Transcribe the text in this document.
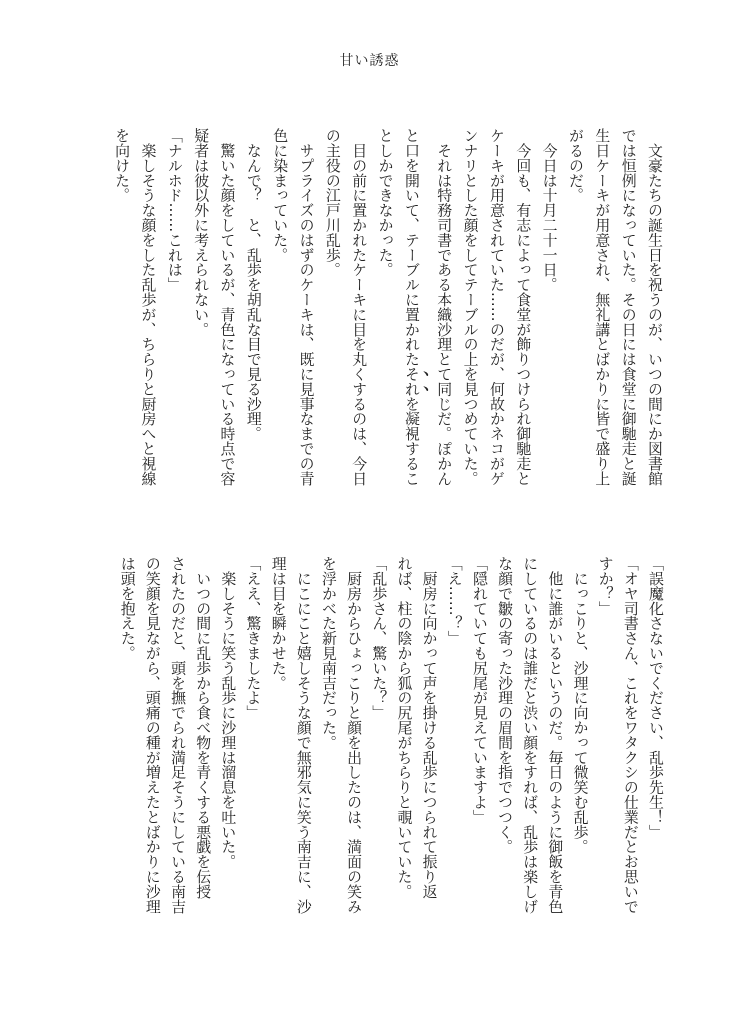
甘い誘惑

　文豪たちの誕生日を祝うのが、いつの間にか図書館

では恒例になっていた。その日には食堂に御馳走と誕

生日ケーキが用意され、無礼講とばかりに皆で盛り上

がるのだ。

　今日は十月二十一日。

　今回も、有志によって食堂が飾りつけられ御馳走と

ケーキが用意されていた……のだが、何故かネコがゲ

ンナリとした顔をしてテーブルの上を見つめていた。

　それは特務司書である本織沙理とて同じだ。ぽかん

と口を開いて、テーブルに置かれたそれを凝視するこ

としかできなかった。

　目の前に置かれたケーキに目を丸くするのは、今日

の主役の江戸川乱歩。

　サプライズのはずのケーキは、既に見事なまでの青

色に染まっていた。

　なんで？　と、乱歩を胡乱な目で見る沙理。

　驚いた顔をしているが、青色になっている時点で容

疑者は彼以外に考えられない。

「ナルホド……これは」

　楽しそうな顔をした乱歩が、ちらりと厨房へと視線

を向けた。

「誤魔化さないでください、乱歩先生！」

「オヤ司書さん、これをワタクシの仕業だとお思いで

すか？」

　にっこりと、沙理に向かって微笑む乱歩。

　他に誰がいるというのだ。毎日のように御飯を青色

にしているのは誰だと渋い顔をすれば、乱歩は楽しげ

な顔で皺の寄った沙理の眉間を指でつつく。

「隠れていても尻尾が見えていますよ」

「え……？」

　厨房に向かって声を掛ける乱歩につられて振り返

れば、柱の陰から狐の尻尾がちらりと覗いていた。

「乱歩さん、驚いた？」

　厨房からひょっこりと顔を出したのは、満面の笑み

を浮かべた新見南吉だった。

　にこにこと嬉しそうな顔で無邪気に笑う南吉に、沙

理は目を瞬かせた。

「ええ、驚きましたよ」

　楽しそうに笑う乱歩に沙理は溜息を吐いた。

　いつの間に乱歩から食べ物を青くする悪戯を伝授

されたのだと、頭を撫でられ満足そうにしている南吉

の笑顔を見ながら、頭痛の種が増えたとばかりに沙理

は頭を抱えた。
